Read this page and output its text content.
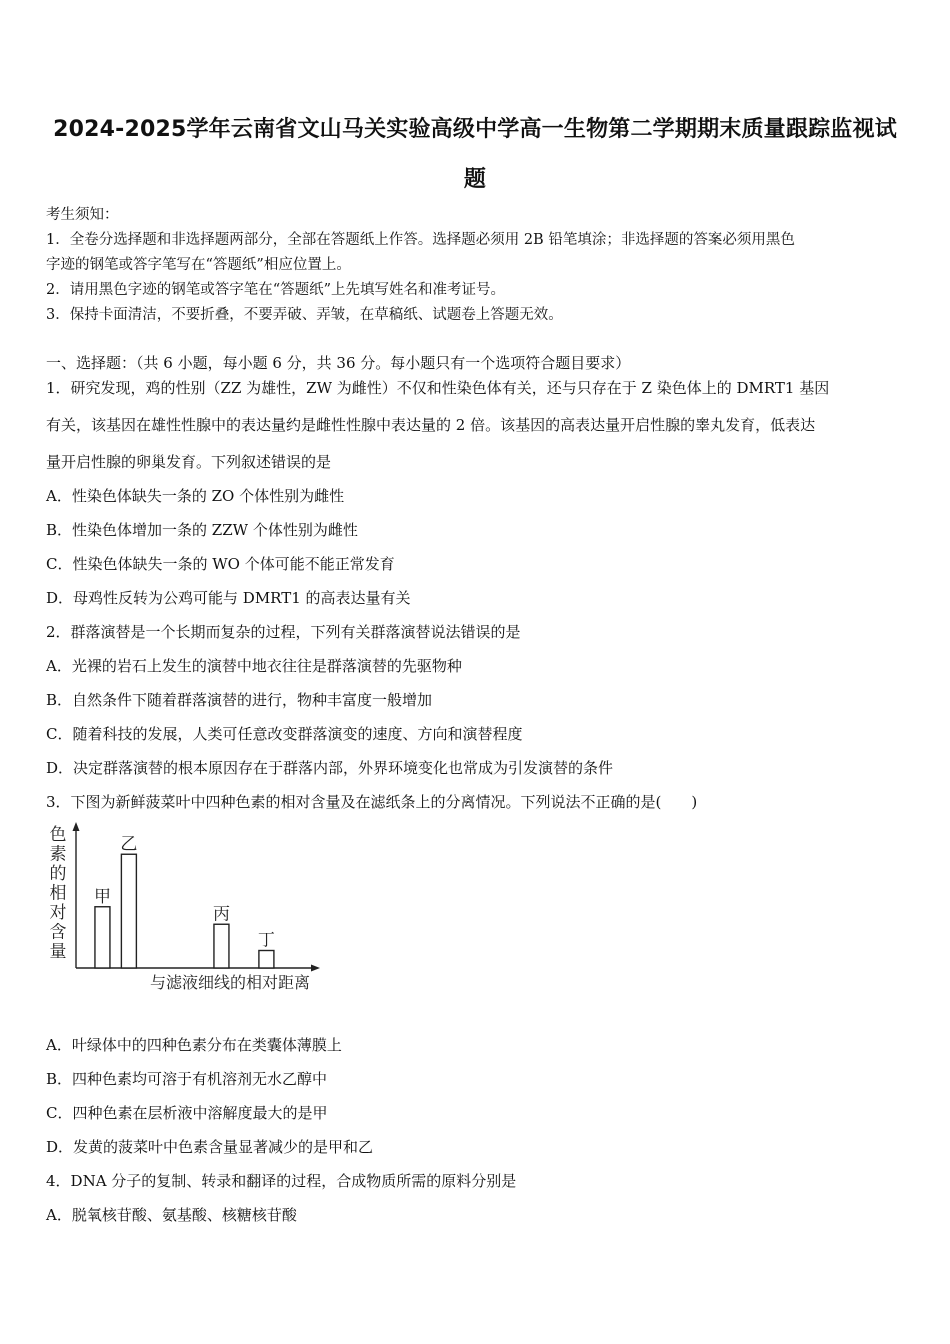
2024-2025学年云南省文山马关实验高级中学高一生物第二学期期末质量跟踪监视试
题
考生须知：
1．全卷分选择题和非选择题两部分，全部在答题纸上作答。选择题必须用 2B 铅笔填涂；非选择题的答案必须用黑色
字迹的钢笔或答字笔写在“答题纸”相应位置上。
2．请用黑色字迹的钢笔或答字笔在“答题纸”上先填写姓名和准考证号。
3．保持卡面清洁，不要折叠，不要弄破、弄皱，在草稿纸、试题卷上答题无效。
一、选择题：（共 6 小题，每小题 6 分，共 36 分。每小题只有一个选项符合题目要求）
1．研究发现，鸡的性别（ZZ 为雄性，ZW 为雌性）不仅和性染色体有关，还与只存在于 Z 染色体上的 DMRT1 基因
有关，该基因在雄性性腺中的表达量约是雌性性腺中表达量的 2 倍。该基因的高表达量开启性腺的睾丸发育，低表达
量开启性腺的卵巢发育。下列叙述错误的是
A．性染色体缺失一条的 ZO 个体性别为雌性
B．性染色体增加一条的 ZZW 个体性别为雌性
C．性染色体缺失一条的 WO 个体可能不能正常发育
D．母鸡性反转为公鸡可能与 DMRT1 的高表达量有关
2．群落演替是一个长期而复杂的过程，下列有关群落演替说法错误的是
A．光裸的岩石上发生的演替中地衣往往是群落演替的先驱物种
B．自然条件下随着群落演替的进行，物种丰富度一般增加
C．随着科技的发展，人类可任意改变群落演变的速度、方向和演替程度
D．决定群落演替的根本原因存在于群落内部，外界环境变化也常成为引发演替的条件
3．下图为新鲜菠菜叶中四种色素的相对含量及在滤纸条上的分离情况。下列说法不正确的是(　　)
色
素
的
相
对
含
量
甲
乙
丙
丁
与滤液细线的相对距离
A．叶绿体中的四种色素分布在类囊体薄膜上
B．四种色素均可溶于有机溶剂无水乙醇中
C．四种色素在层析液中溶解度最大的是甲
D．发黄的菠菜叶中色素含量显著减少的是甲和乙
4．DNA 分子的复制、转录和翻译的过程，合成物质所需的原料分别是
A．脱氧核苷酸、氨基酸、核糖核苷酸
